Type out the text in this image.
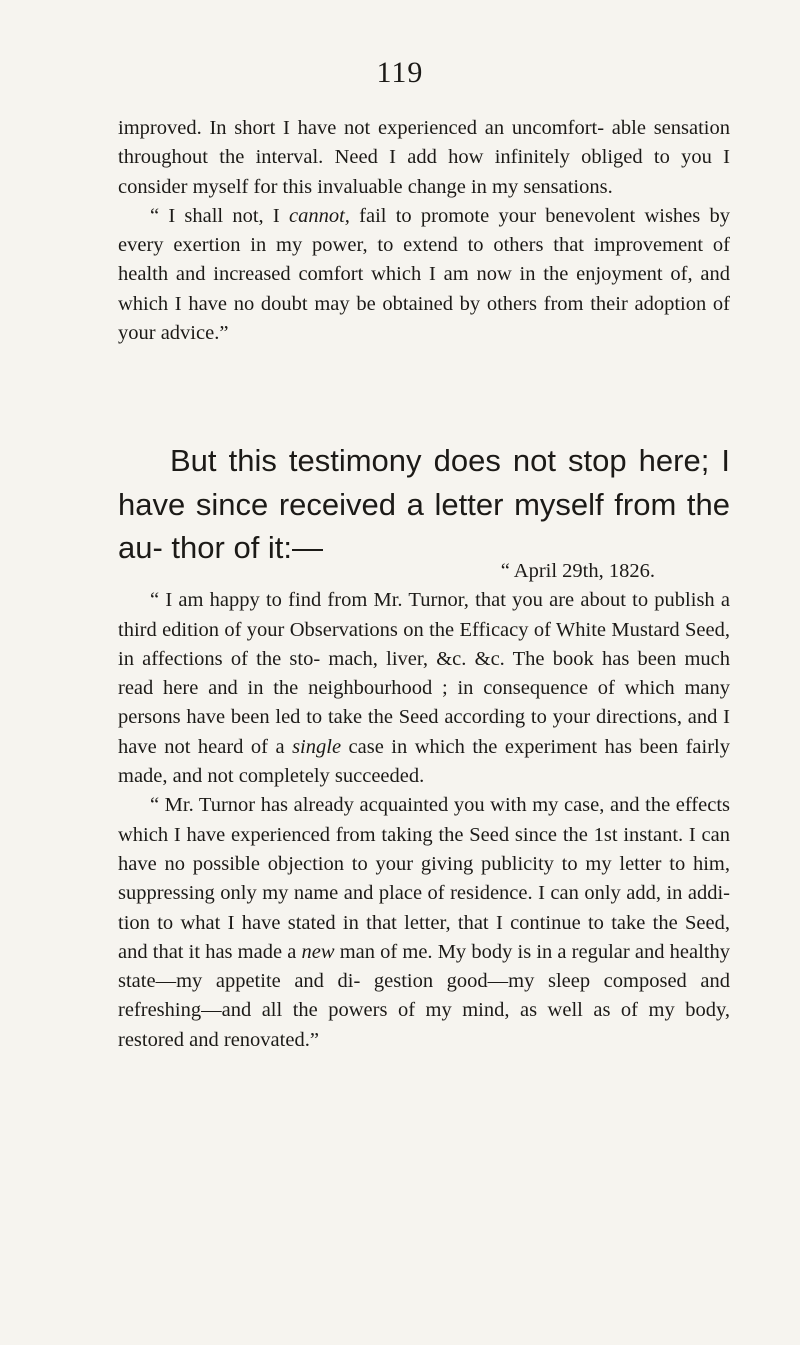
119

improved. In short I have not experienced an uncomfort- able sensation throughout the interval. Need I add how infinitely obliged to you I consider myself for this invaluable change in my sensations.

“ I shall not, I cannot, fail to promote your benevolent wishes by every exertion in my power, to extend to others that improvement of health and increased comfort which I am now in the enjoyment of, and which I have no doubt may be obtained by others from their adoption of your advice.”

But this testimony does not stop here; I have since received a letter myself from the au- thor of it:—

“ April 29th, 1826.

“ I am happy to find from Mr. Turnor, that you are about to publish a third edition of your Observations on the Efficacy of White Mustard Seed, in affections of the sto- mach, liver, &c. &c. The book has been much read here and in the neighbourhood ; in consequence of which many persons have been led to take the Seed according to your directions, and I have not heard of a single case in which the experiment has been fairly made, and not completely succeeded.

“ Mr. Turnor has already acquainted you with my case, and the effects which I have experienced from taking the Seed since the 1st instant. I can have no possible objection to your giving publicity to my letter to him, suppressing only my name and place of residence. I can only add, in addi- tion to what I have stated in that letter, that I continue to take the Seed, and that it has made a new man of me. My body is in a regular and healthy state—my appetite and di- gestion good—my sleep composed and refreshing—and all the powers of my mind, as well as of my body, restored and renovated.”
